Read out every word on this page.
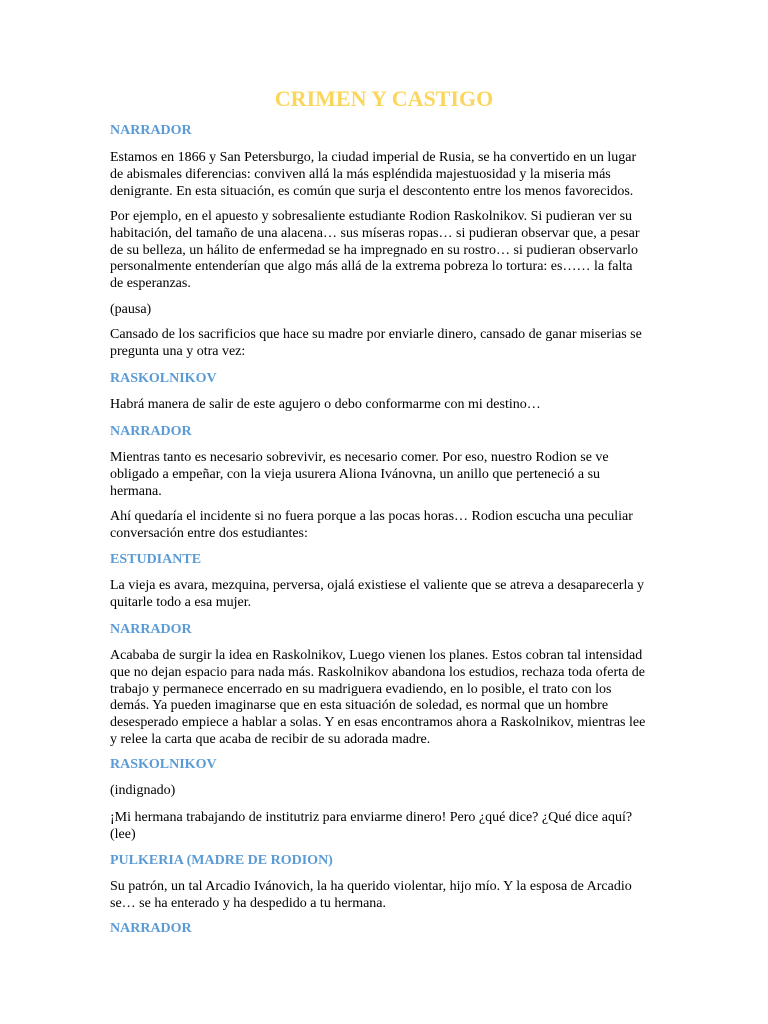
CRIMEN Y CASTIGO
NARRADOR
Estamos en 1866 y San Petersburgo, la ciudad imperial de Rusia, se ha convertido en un lugar
de abismales diferencias: conviven allá la más espléndida majestuosidad y la miseria más
denigrante. En esta situación, es común que surja el descontento entre los menos favorecidos.
Por ejemplo, en el apuesto y sobresaliente estudiante Rodion Raskolnikov. Si pudieran ver su
habitación, del tamaño de una alacena… sus míseras ropas… si pudieran observar que, a pesar
de su belleza, un hálito de enfermedad se ha impregnado en su rostro… si pudieran observarlo
personalmente entenderían que algo más allá de la extrema pobreza lo tortura: es…… la falta
de esperanzas.
(pausa)
Cansado de los sacrificios que hace su madre por enviarle dinero, cansado de ganar miserias se
pregunta una y otra vez:
RASKOLNIKOV
Habrá manera de salir de este agujero o debo conformarme con mi destino…
NARRADOR
Mientras tanto es necesario sobrevivir, es necesario comer. Por eso, nuestro Rodion se ve
obligado a empeñar, con la vieja usurera Aliona Ivánovna, un anillo que perteneció a su
hermana.
Ahí quedaría el incidente si no fuera porque a las pocas horas… Rodion escucha una peculiar
conversación entre dos estudiantes:
ESTUDIANTE
La vieja es avara, mezquina, perversa, ojalá existiese el valiente que se atreva a desaparecerla y
quitarle todo a esa mujer.
NARRADOR
Acababa de surgir la idea en Raskolnikov, Luego vienen los planes. Estos cobran tal intensidad
que no dejan espacio para nada más. Raskolnikov abandona los estudios, rechaza toda oferta de
trabajo y permanece encerrado en su madriguera evadiendo, en lo posible, el trato con los
demás. Ya pueden imaginarse que en esta situación de soledad, es normal que un hombre
desesperado empiece a hablar a solas. Y en esas encontramos ahora a Raskolnikov, mientras lee
y relee la carta que acaba de recibir de su adorada madre.
RASKOLNIKOV
(indignado)
¡Mi hermana trabajando de institutriz para enviarme dinero! Pero ¿qué dice? ¿Qué dice aquí?
(lee)
PULKERIA (MADRE DE RODION)
Su patrón, un tal Arcadio Ivánovich, la ha querido violentar, hijo mío. Y la esposa de Arcadio
se… se ha enterado y ha despedido a tu hermana.
NARRADOR
